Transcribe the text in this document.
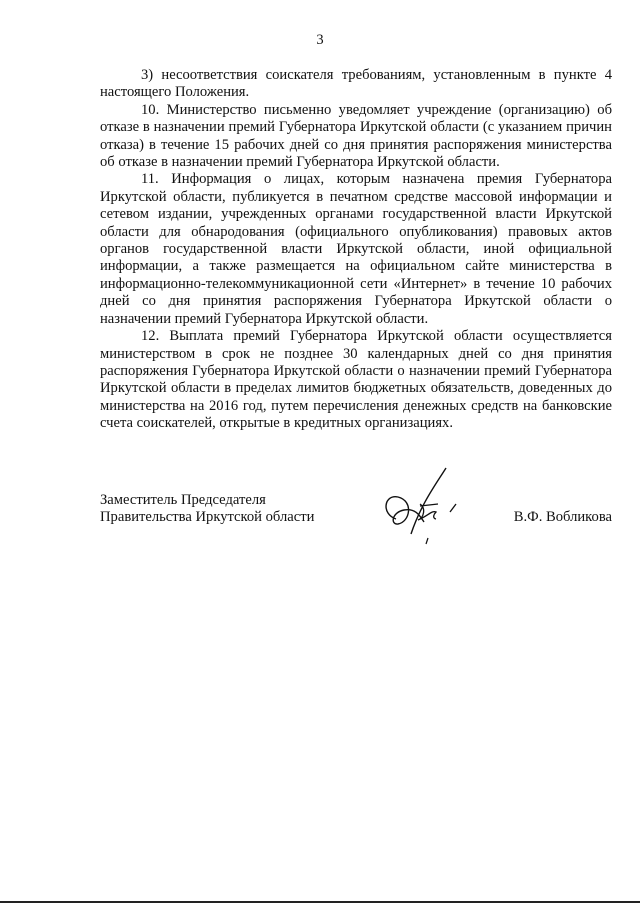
3

3) несоответствия соискателя требованиям, установленным в пункте 4 настоящего Положения.

10. Министерство письменно уведомляет учреждение (организацию) об отказе в назначении премий Губернатора Иркутской области (с указанием причин отказа) в течение 15 рабочих дней со дня принятия распоряжения министерства об отказе в назначении премий Губернатора Иркутской области.

11. Информация о лицах, которым назначена премия Губернатора Иркутской области, публикуется в печатном средстве массовой информации и сетевом издании, учрежденных органами государственной власти Иркутской области для обнародования (официального опубликования) правовых актов органов государственной власти Иркутской области, иной официальной информации, а также размещается на официальном сайте министерства в информационно-телекоммуникационной сети «Интернет» в течение 10 рабочих дней со дня принятия распоряжения Губернатора Иркутской области о назначении премий Губернатора Иркутской области.

12. Выплата премий Губернатора Иркутской области осуществляется министерством в срок не позднее 30 календарных дней со дня принятия распоряжения Губернатора Иркутской области о назначении премий Губернатора Иркутской области в пределах лимитов бюджетных обязательств, доведенных до министерства на 2016 год, путем перечисления денежных средств на банковские счета соискателей, открытые в кредитных организациях.

Заместитель Председателя
Правительства Иркутской области	В.Ф. Вобликова
